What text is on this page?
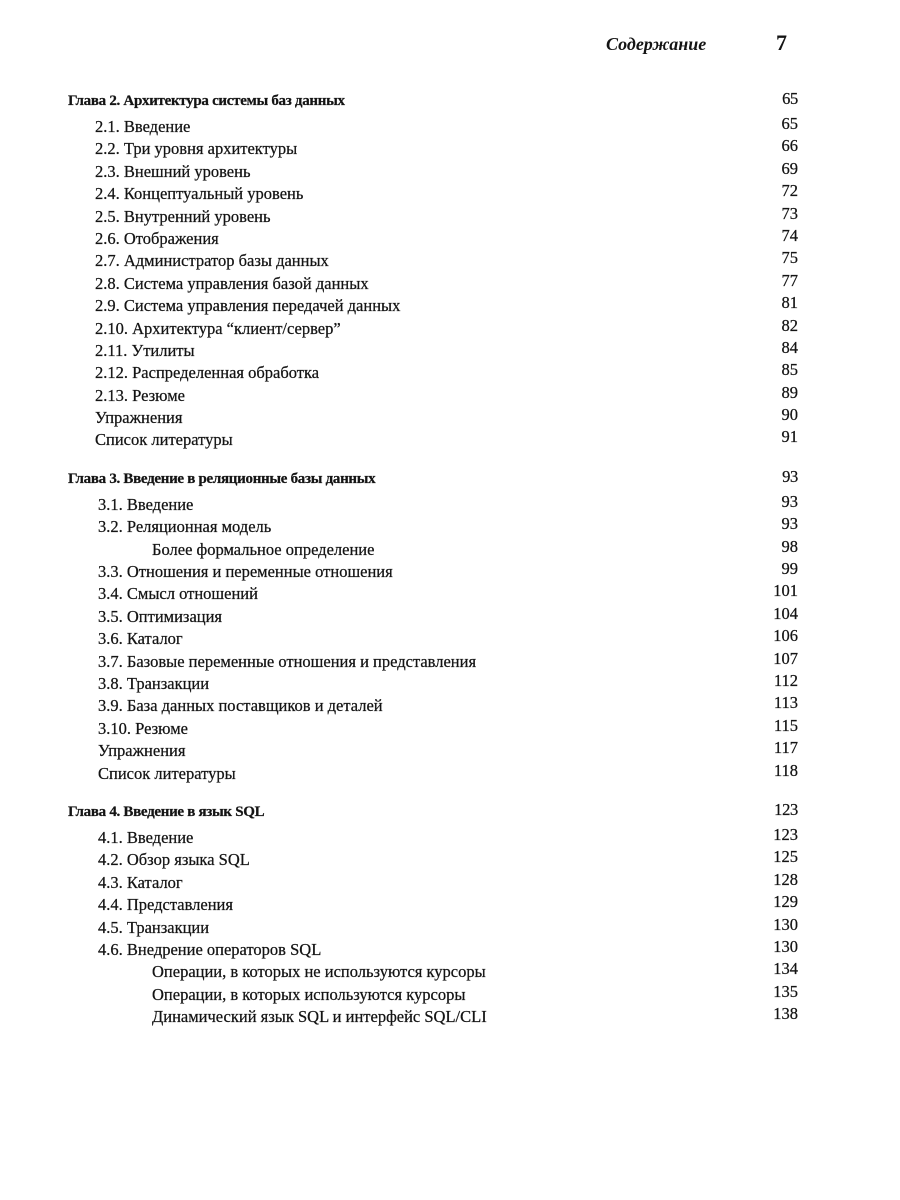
Содержание	7
Глава 2. Архитектура системы баз данных	65
2.1. Введение	65
2.2. Три уровня архитектуры	66
2.3. Внешний уровень	69
2.4. Концептуальный уровень	72
2.5. Внутренний уровень	73
2.6. Отображения	74
2.7. Администратор базы данных	75
2.8. Система управления базой данных	77
2.9. Система управления передачей данных	81
2.10. Архитектура “клиент/сервер”	82
2.11. Утилиты	84
2.12. Распределенная обработка	85
2.13. Резюме	89
Упражнения	90
Список литературы	91
Глава 3. Введение в реляционные базы данных	93
3.1. Введение	93
3.2. Реляционная модель	93
Более формальное определение	98
3.3. Отношения и переменные отношения	99
3.4. Смысл отношений	101
3.5. Оптимизация	104
3.6. Каталог	106
3.7. Базовые переменные отношения и представления	107
3.8. Транзакции	112
3.9. База данных поставщиков и деталей	113
3.10. Резюме	115
Упражнения	117
Список литературы	118
Глава 4. Введение в язык SQL	123
4.1. Введение	123
4.2. Обзор языка SQL	125
4.3. Каталог	128
4.4. Представления	129
4.5. Транзакции	130
4.6. Внедрение операторов SQL	130
Операции, в которых не используются курсоры	134
Операции, в которых используются курсоры	135
Динамический язык SQL и интерфейс SQL/CLI	138
